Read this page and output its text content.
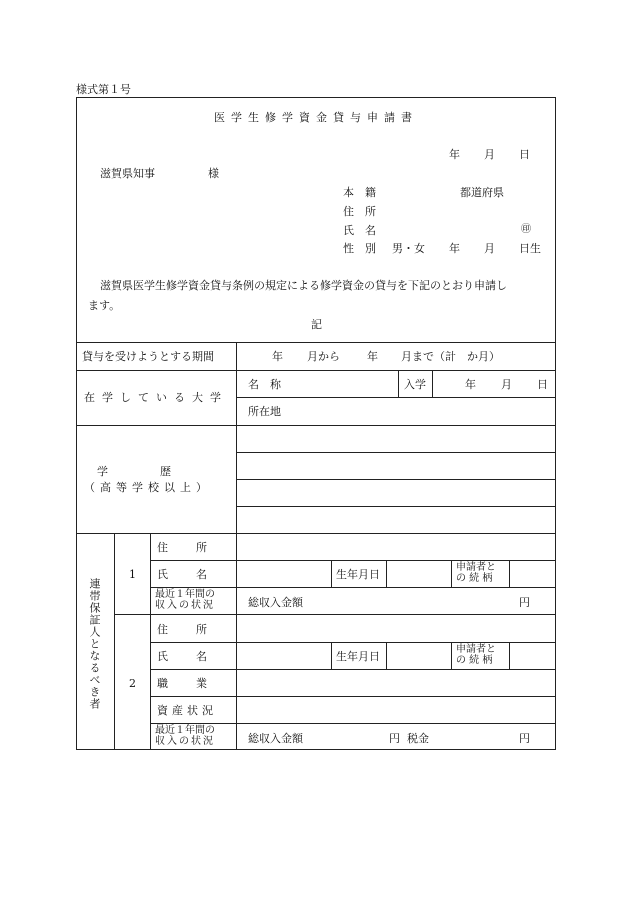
様式第１号
医学生修学資金貸与申請書
年 月 日
滋賀県知事	様
本　籍	都道府県
住　所
氏　名	㊞
性　別 男・女 年 月 日生
滋賀県医学生修学資金貸与条例の規定による修学資金の貸与を下記のとおり申請し
ます。
記
貸与を受けようとする期間	年 月から 年 月まで（計　か月）
在学している大学
名　称	入学	年 月 日
所在地
学　　歴
（高等学校以上）
連帯保証人となるべき者
1
住　　所
氏　　名	生年月日
申請者と
の 続 柄
最近１年間の
収入の状況	総収入金額	円
2
住　　所
氏　　名	生年月日
申請者と
の 続 柄
職　　業
資産状況
最近１年間の
収入の状況	総収入金額	円 税金	円
